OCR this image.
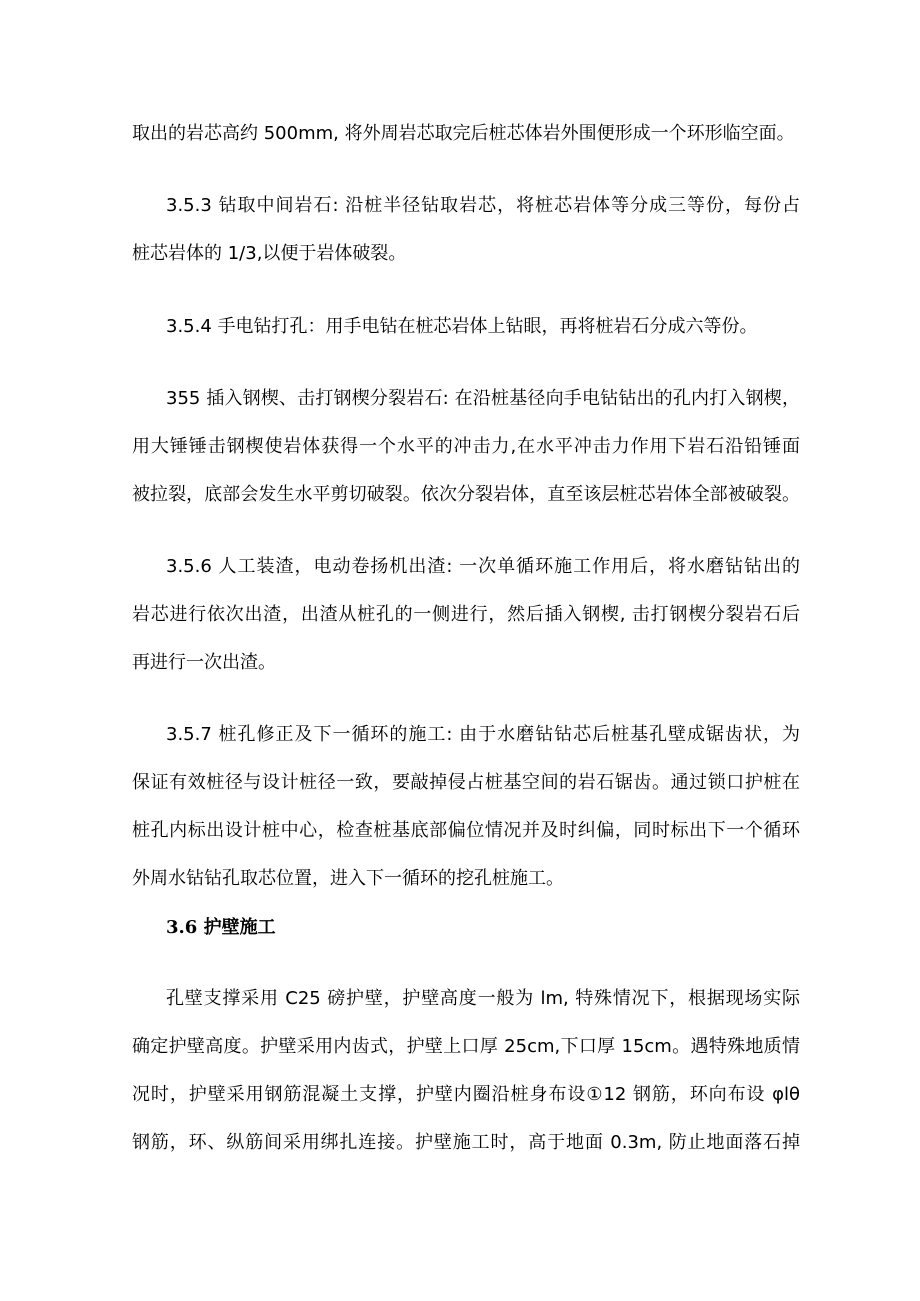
取出的岩芯高约 500mm, 将外周岩芯取完后桩芯体岩外围便形成一个环形临空面。
3.5.3 钻取中间岩石: 沿桩半径钻取岩芯，将桩芯岩体等分成三等份，每份占
桩芯岩体的 1/3,以便于岩体破裂。
3.5.4 手电钻打孔：用手电钻在桩芯岩体上钻眼，再将桩岩石分成六等份。
355 插入钢楔、击打钢楔分裂岩石: 在沿桩基径向手电钻钻出的孔内打入钢楔，
用大锤锤击钢楔使岩体获得一个水平的冲击力,在水平冲击力作用下岩石沿铅锤面
被拉裂，底部会发生水平剪切破裂。依次分裂岩体，直至该层桩芯岩体全部被破裂。
3.5.6 人工装渣，电动卷扬机出渣: 一次单循环施工作用后，将水磨钻钻出的
岩芯进行依次出渣，出渣从桩孔的一侧进行，然后插入钢楔, 击打钢楔分裂岩石后
再进行一次出渣。
3.5.7 桩孔修正及下一循环的施工: 由于水磨钻钻芯后桩基孔壁成锯齿状，为
保证有效桩径与设计桩径一致，要敲掉侵占桩基空间的岩石锯齿。通过锁口护桩在
桩孔内标出设计桩中心，检查桩基底部偏位情况并及时纠偏，同时标出下一个循环
外周水钻钻孔取芯位置，进入下一循环的挖孔桩施工。
3.6 护壁施工
孔壁支撑采用 C25 磅护壁，护壁高度一般为 lm, 特殊情况下，根据现场实际
确定护壁高度。护壁采用内齿式，护壁上口厚 25cm,下口厚 15cm。遇特殊地质情
况时，护壁采用钢筋混凝土支撑，护壁内圈沿桩身布设①12 钢筋，环向布设 φlθ
钢筋，环、纵筋间采用绑扎连接。护壁施工时，高于地面 0.3m, 防止地面落石掉
